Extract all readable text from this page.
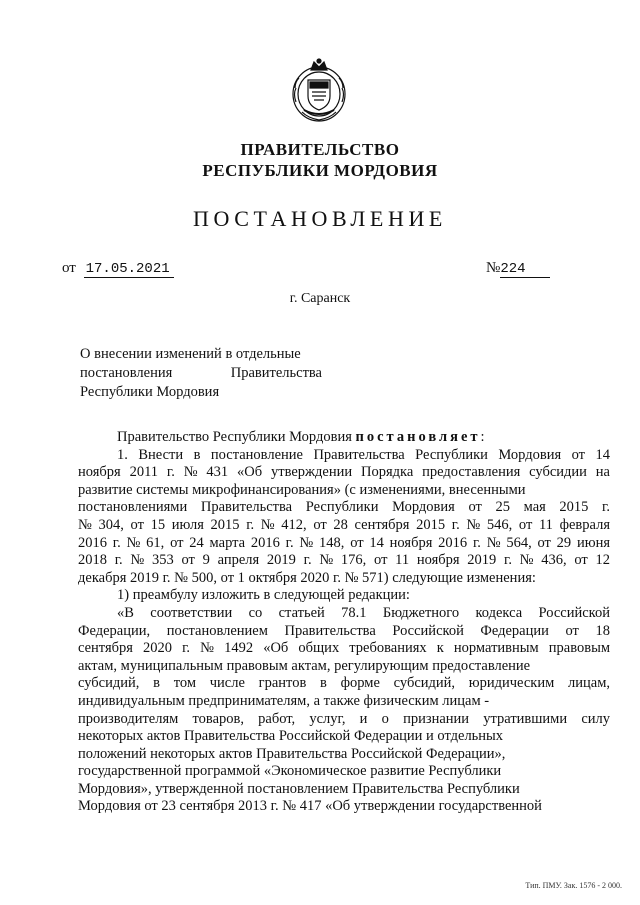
ПРАВИТЕЛЬСТВО
РЕСПУБЛИКИ МОРДОВИЯ
ПОСТАНОВЛЕНИЕ
от 17.05.2021	№224
г. Саранск
О внесении изменений в отдельные
постановления	Правительства
Республики Мордовия
Правительство Республики Мордовия постановляет:
1. Внести в постановление Правительства Республики Мордовия от 14
ноября 2011 г. № 431 «Об утверждении Порядка предоставления субсидии на
развитие системы микрофинансирования» (с изменениями, внесенными
постановлениями Правительства Республики Мордовия от 25 мая 2015 г.
№ 304, от 15 июля 2015 г. № 412, от 28 сентября 2015 г. № 546, от 11 февраля
2016 г. № 61, от 24 марта 2016 г. № 148, от 14 ноября 2016 г. № 564, от 29 июня
2018 г. № 353 от 9 апреля 2019 г. № 176, от 11 ноября 2019 г. № 436, от 12
декабря 2019 г. № 500, от 1 октября 2020 г. № 571) следующие изменения:
1) преамбулу изложить в следующей редакции:
«В соответствии со статьей 78.1 Бюджетного кодекса Российской
Федерации, постановлением Правительства Российской Федерации от 18
сентября 2020 г. № 1492 «Об общих требованиях к нормативным правовым
актам, муниципальным правовым актам, регулирующим предоставление
субсидий, в том числе грантов в форме субсидий, юридическим лицам,
индивидуальным предпринимателям, а также физическим лицам -
производителям товаров, работ, услуг, и о признании утратившими силу
некоторых актов Правительства Российской Федерации и отдельных
положений некоторых актов Правительства Российской Федерации»,
государственной программой «Экономическое развитие Республики
Мордовия», утвержденной постановлением Правительства Республики
Мордовия от 23 сентября 2013 г. № 417 «Об утверждении государственной
Тип. ПМУ. Зак. 1576 - 2 000.
